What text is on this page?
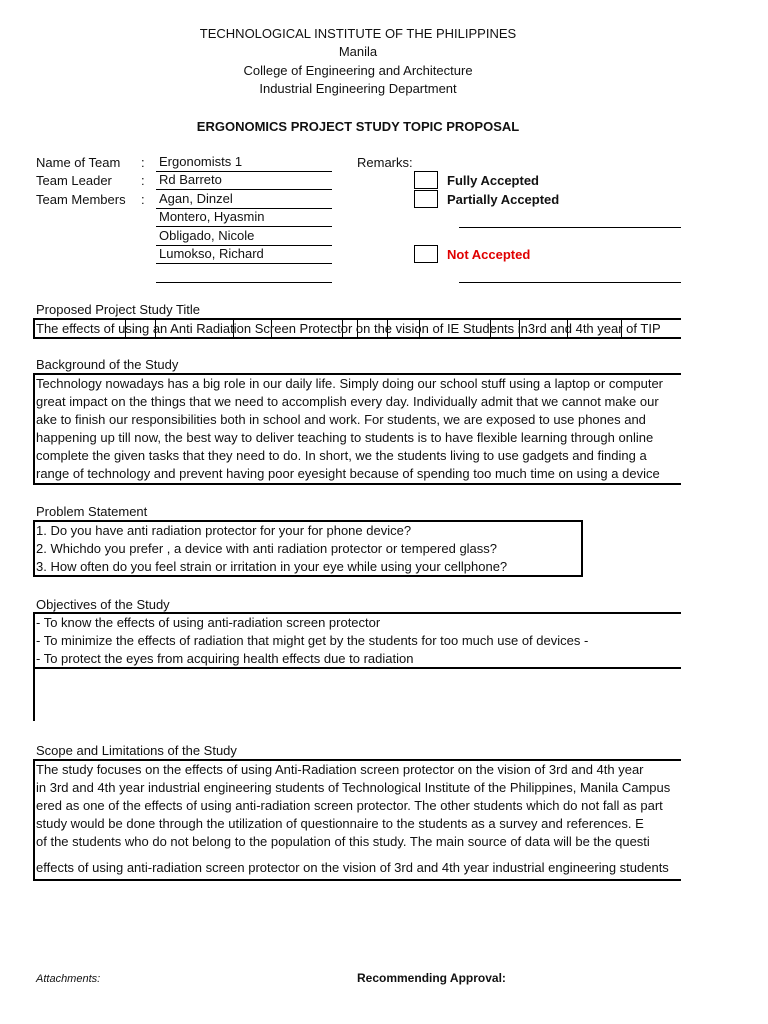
TECHNOLOGICAL INSTITUTE OF THE PHILIPPINES
Manila
College of Engineering and Architecture
Industrial Engineering Department
ERGONOMICS PROJECT STUDY TOPIC PROPOSAL
Name of Team
Team Leader
Team Members
:
:
:
Ergonomists 1
Rd Barreto
Agan, Dinzel
Montero, Hyasmin
Obligado, Nicole
Lumokso, Richard
Remarks:
Fully Accepted
Partially Accepted
Not Accepted
Proposed Project Study Title
The effects of using an Anti Radiation Screen Protector on the vision of IE Students in3rd and 4th year of TIP
Background of the Study
Technology nowadays has a big role in our daily life. Simply doing our school stuff using a laptop or computer
great impact on the things that we need to accomplish every day. Individually admit that we cannot make our
ake to finish our responsibilities both in school and work. For students, we are exposed to use phones and
happening up till now, the best way to deliver teaching to students is to have flexible learning through online
complete the given tasks that they need to do. In short, we the students living to use gadgets and finding a
range of technology and prevent having poor eyesight because of spending too much time on using a device
Problem Statement
1. Do you have anti radiation protector for your for phone device?
2. Whichdo you prefer , a device with anti radiation protector or tempered glass?
3. How often do you feel strain or irritation in your eye while using your cellphone?
Objectives of the Study
- To know the effects of using anti-radiation screen protector
- To minimize the effects of radiation that might get by the students for too much use of devices -
- To protect the eyes from acquiring health effects due to radiation
Scope and Limitations of the Study
The study focuses on the effects of using Anti-Radiation screen protector on the vision of 3rd and 4th year
in 3rd and 4th year industrial engineering students of Technological Institute of the Philippines, Manila Campus
ered as one of the effects of using anti-radiation screen protector. The other students which do not fall as part
study would be done through the utilization of questionnaire to the students as a survey and references. E
of the students who do not belong to the population of this study. The main source of data will be the questi
effects of using anti-radiation screen protector on the vision of 3rd and 4th year industrial engineering students
Attachments:	Recommending Approval:
